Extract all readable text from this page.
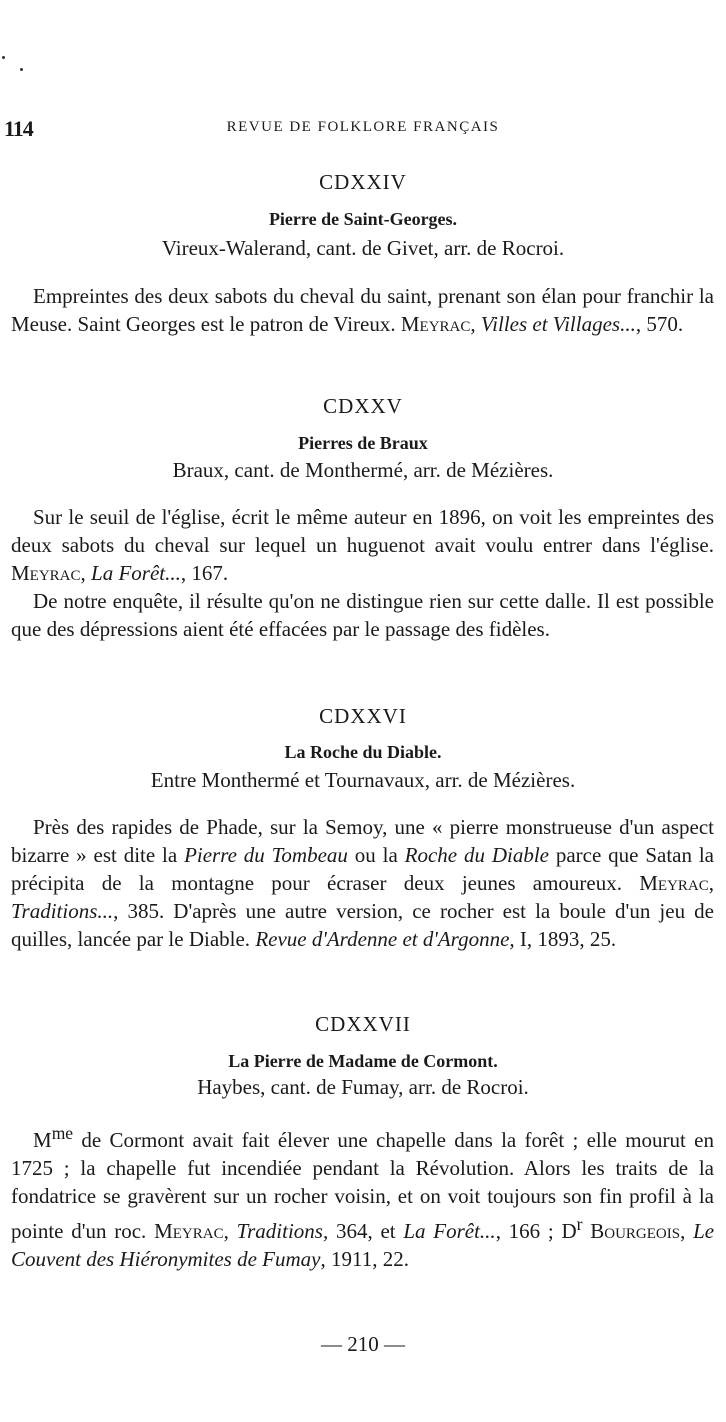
114	REVUE DE FOLKLORE FRANÇAIS
CDXXIV
Pierre de Saint-Georges.
Vireux-Walerand, cant. de Givet, arr. de Rocroi.

Empreintes des deux sabots du cheval du saint, prenant son élan pour franchir la Meuse. Saint Georges est le patron de Vireux. Meyrac, Villes et Villages..., 570.

CDXXV
Pierres de Braux
Braux, cant. de Monthermé, arr. de Mézières.

Sur le seuil de l'église, écrit le même auteur en 1896, on voit les empreintes des deux sabots du cheval sur lequel un huguenot avait voulu entrer dans l'église. Meyrac, La Forêt..., 167.

De notre enquête, il résulte qu'on ne distingue rien sur cette dalle. Il est possible que des dépressions aient été effacées par le passage des fidèles.

CDXXVI
La Roche du Diable.
Entre Monthermé et Tournavaux, arr. de Mézières.

Près des rapides de Phade, sur la Semoy, une « pierre monstrueuse d'un aspect bizarre » est dite la Pierre du Tombeau ou la Roche du Diable parce que Satan la précipita de la montagne pour écraser deux jeunes amoureux. Meyrac, Traditions..., 385. D'après une autre version, ce rocher est la boule d'un jeu de quilles, lancée par le Diable. Revue d'Ardenne et d'Argonne, I, 1893, 25.

CDXXVII
La Pierre de Madame de Cormont.
Haybes, cant. de Fumay, arr. de Rocroi.

$M^{me}$ de Cormont avait fait élever une chapelle dans la forêt ; elle mourut en 1725 ; la chapelle fut incendiée pendant la Révolution. Alors les traits de la fondatrice se gravèrent sur un rocher voisin, et on voit toujours son fin profil à la pointe d'un roc. Meyrac, Traditions, 364, et La Forêt..., 166 ; $D^r$ Bourgeois, Le Couvent des Hiéronymites de Fumay, 1911, 22.

— 210 —
